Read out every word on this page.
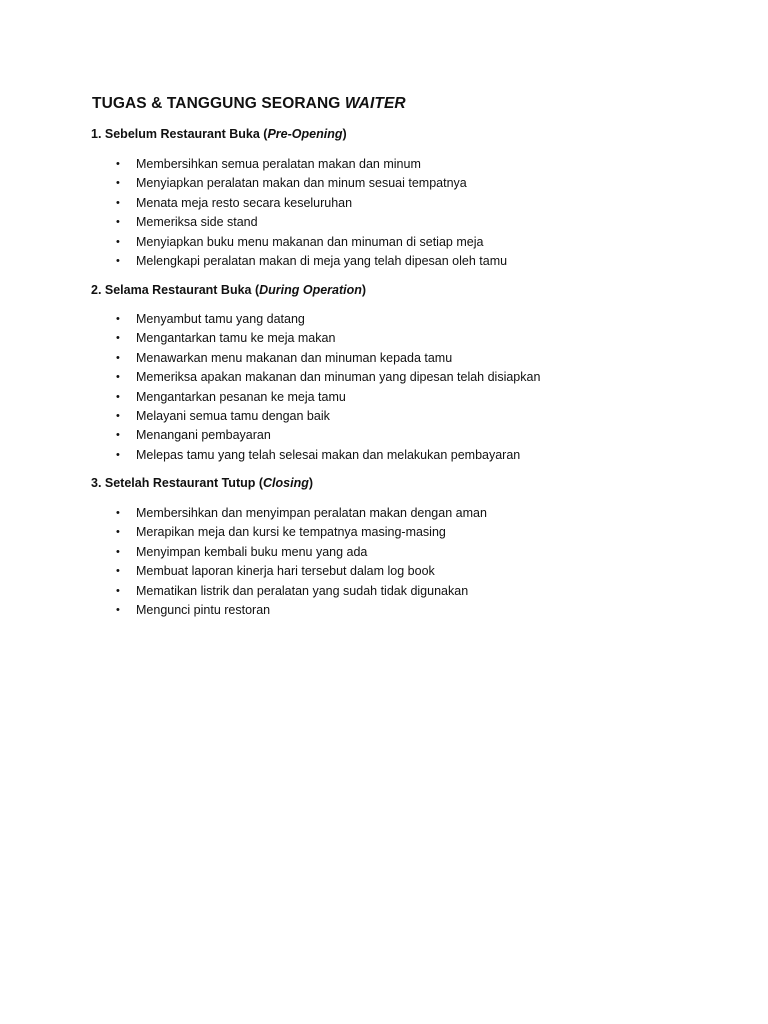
TUGAS & TANGGUNG SEORANG WAITER
1. Sebelum Restaurant Buka (Pre-Opening)
• Membersihkan semua peralatan makan dan minum
• Menyiapkan peralatan makan dan minum sesuai tempatnya
• Menata meja resto secara keseluruhan
• Memeriksa side stand
• Menyiapkan buku menu makanan dan minuman di setiap meja
• Melengkapi peralatan makan di meja yang telah dipesan oleh tamu
2. Selama Restaurant Buka (During Operation)
• Menyambut tamu yang datang
• Mengantarkan tamu ke meja makan
• Menawarkan menu makanan dan minuman kepada tamu
• Memeriksa apakan makanan dan minuman yang dipesan telah disiapkan
• Mengantarkan pesanan ke meja tamu
• Melayani semua tamu dengan baik
• Menangani pembayaran
• Melepas tamu yang telah selesai makan dan melakukan pembayaran
3. Setelah Restaurant Tutup (Closing)
• Membersihkan dan menyimpan peralatan makan dengan aman
• Merapikan meja dan kursi ke tempatnya masing-masing
• Menyimpan kembali buku menu yang ada
• Membuat laporan kinerja hari tersebut dalam log book
• Mematikan listrik dan peralatan yang sudah tidak digunakan
• Mengunci pintu restoran
